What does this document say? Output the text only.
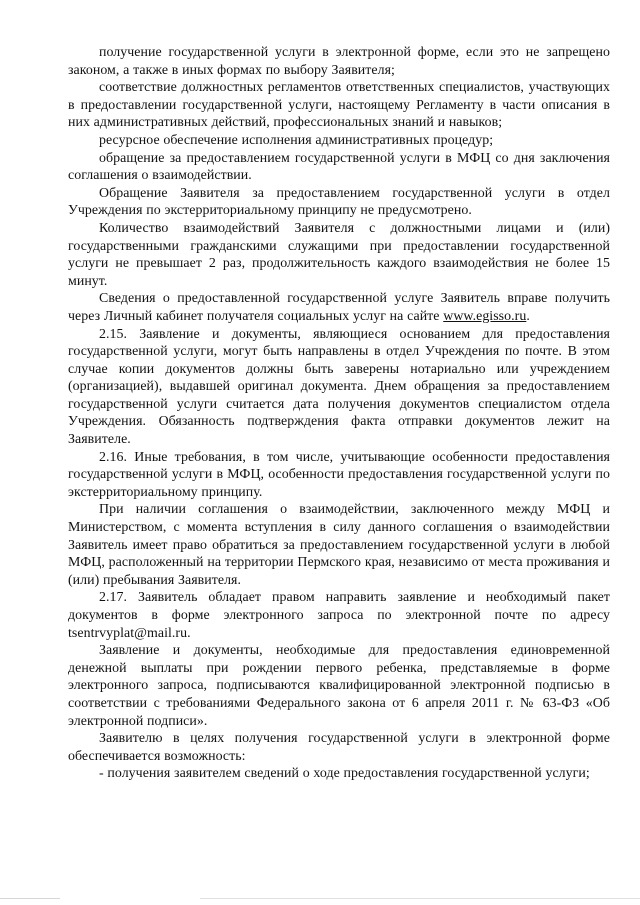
получение государственной услуги в электронной форме, если это не запрещено законом, а также в иных формах по выбору Заявителя;

соответствие должностных регламентов ответственных специалистов, участвующих в предоставлении государственной услуги, настоящему Регламенту в части описания в них административных действий, профессиональных знаний и навыков;

ресурсное обеспечение исполнения административных процедур;

обращение за предоставлением государственной услуги в МФЦ со дня заключения соглашения о взаимодействии.

Обращение Заявителя за предоставлением государственной услуги в отдел Учреждения по экстерриториальному принципу не предусмотрено.

Количество взаимодействий Заявителя с должностными лицами и (или) государственными гражданскими служащими при предоставлении государственной услуги не превышает 2 раз, продолжительность каждого взаимодействия не более 15 минут.

Сведения о предоставленной государственной услуге Заявитель вправе получить через Личный кабинет получателя социальных услуг на сайте www.egisso.ru.

2.15. Заявление и документы, являющиеся основанием для предоставления государственной услуги, могут быть направлены в отдел Учреждения по почте. В этом случае копии документов должны быть заверены нотариально или учреждением (организацией), выдавшей оригинал документа. Днем обращения за предоставлением государственной услуги считается дата получения документов специалистом отдела Учреждения. Обязанность подтверждения факта отправки документов лежит на Заявителе.

2.16. Иные требования, в том числе, учитывающие особенности предоставления государственной услуги в МФЦ, особенности предоставления государственной услуги по экстерриториальному принципу.

При наличии соглашения о взаимодействии, заключенного между МФЦ и Министерством, с момента вступления в силу данного соглашения о взаимодействии Заявитель имеет право обратиться за предоставлением государственной услуги в любой МФЦ, расположенный на территории Пермского края, независимо от места проживания и (или) пребывания Заявителя.

2.17. Заявитель обладает правом направить заявление и необходимый пакет документов в форме электронного запроса по электронной почте по адресу tsentrvyplat@mail.ru.

Заявление и документы, необходимые для предоставления единовременной денежной выплаты при рождении первого ребенка, представляемые в форме электронного запроса, подписываются квалифицированной электронной подписью в соответствии с требованиями Федерального закона от 6 апреля 2011 г. № 63-ФЗ «Об электронной подписи».

Заявителю в целях получения государственной услуги в электронной форме обеспечивается возможность:

- получения заявителем сведений о ходе предоставления государственной услуги;
